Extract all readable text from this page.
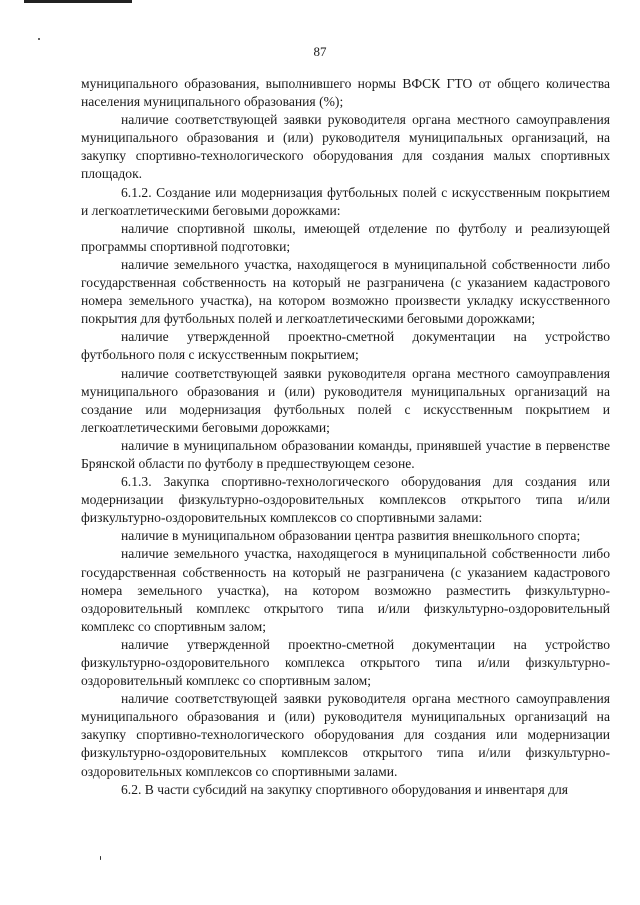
87

муниципального образования, выполнившего нормы ВФСК ГТО от общего количества населения муниципального образования (%);

наличие соответствующей заявки руководителя органа местного самоуправления муниципального образования и (или) руководителя муниципальных организаций, на закупку спортивно-технологического оборудования для создания малых спортивных площадок.

6.1.2. Создание или модернизация футбольных полей с искусственным покрытием и легкоатлетическими беговыми дорожками:

наличие спортивной школы, имеющей отделение по футболу и реализующей программы спортивной подготовки;

наличие земельного участка, находящегося в муниципальной собственности либо государственная собственность на который не разграничена (с указанием кадастрового номера земельного участка), на котором возможно произвести укладку искусственного покрытия для футбольных полей и легкоатлетическими беговыми дорожками;

наличие утвержденной проектно-сметной документации на устройство футбольного поля с искусственным покрытием;

наличие соответствующей заявки руководителя органа местного самоуправления муниципального образования и (или) руководителя муниципальных организаций на создание или модернизация футбольных полей с искусственным покрытием и легкоатлетическими беговыми дорожками;

наличие в муниципальном образовании команды, принявшей участие в первенстве Брянской области по футболу в предшествующем сезоне.

6.1.3. Закупка спортивно-технологического оборудования для создания или модернизации физкультурно-оздоровительных комплексов открытого типа и/или физкультурно-оздоровительных комплексов со спортивными залами:

наличие в муниципальном образовании центра развития внешкольного спорта;

наличие земельного участка, находящегося в муниципальной собственности либо государственная собственность на который не разграничена (с указанием кадастрового номера земельного участка), на котором возможно разместить физкультурно-оздоровительный комплекс открытого типа и/или физкультурно-оздоровительный комплекс со спортивным залом;

наличие утвержденной проектно-сметной документации на устройство физкультурно-оздоровительного комплекса открытого типа и/или физкультурно-оздоровительный комплекс со спортивным залом;

наличие соответствующей заявки руководителя органа местного самоуправления муниципального образования и (или) руководителя муниципальных организаций на закупку спортивно-технологического оборудования для создания или модернизации физкультурно-оздоровительных комплексов открытого типа и/или физкультурно-оздоровительных комплексов со спортивными залами.

6.2. В части субсидий на закупку спортивного оборудования и инвентаря для
